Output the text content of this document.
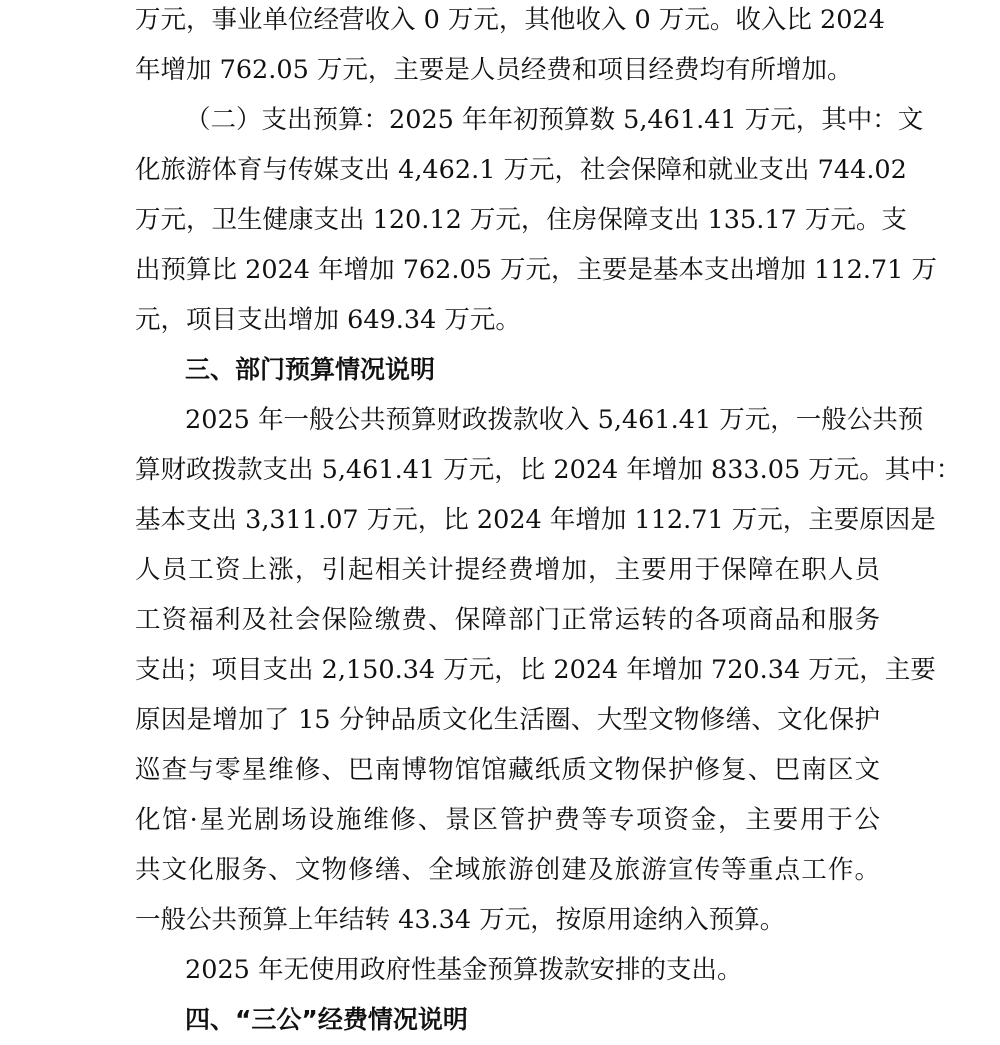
万元，事业单位经营收入 0 万元，其他收入 0 万元。收入比 2024
年增加 762.05 万元，主要是人员经费和项目经费均有所增加。
（二）支出预算：2025 年年初预算数 5,461.41 万元，其中：文
化旅游体育与传媒支出 4,462.1 万元，社会保障和就业支出 744.02
万元，卫生健康支出 120.12 万元，住房保障支出 135.17 万元。支
出预算比 2024 年增加 762.05 万元，主要是基本支出增加 112.71 万
元，项目支出增加 649.34 万元。
三、部门预算情况说明
2025 年一般公共预算财政拨款收入 5,461.41 万元，一般公共预
算财政拨款支出 5,461.41 万元，比 2024 年增加 833.05 万元。其中：
基本支出 3,311.07 万元，比 2024 年增加 112.71 万元，主要原因是
人员工资上涨，引起相关计提经费增加，主要用于保障在职人员
工资福利及社会保险缴费、保障部门正常运转的各项商品和服务
支出；项目支出 2,150.34 万元，比 2024 年增加 720.34 万元，主要
原因是增加了 15 分钟品质文化生活圈、大型文物修缮、文化保护
巡查与零星维修、巴南博物馆馆藏纸质文物保护修复、巴南区文
化馆·星光剧场设施维修、景区管护费等专项资金，主要用于公
共文化服务、文物修缮、全域旅游创建及旅游宣传等重点工作。
一般公共预算上年结转 43.34 万元，按原用途纳入预算。
2025 年无使用政府性基金预算拨款安排的支出。
四、“三公”经费情况说明
